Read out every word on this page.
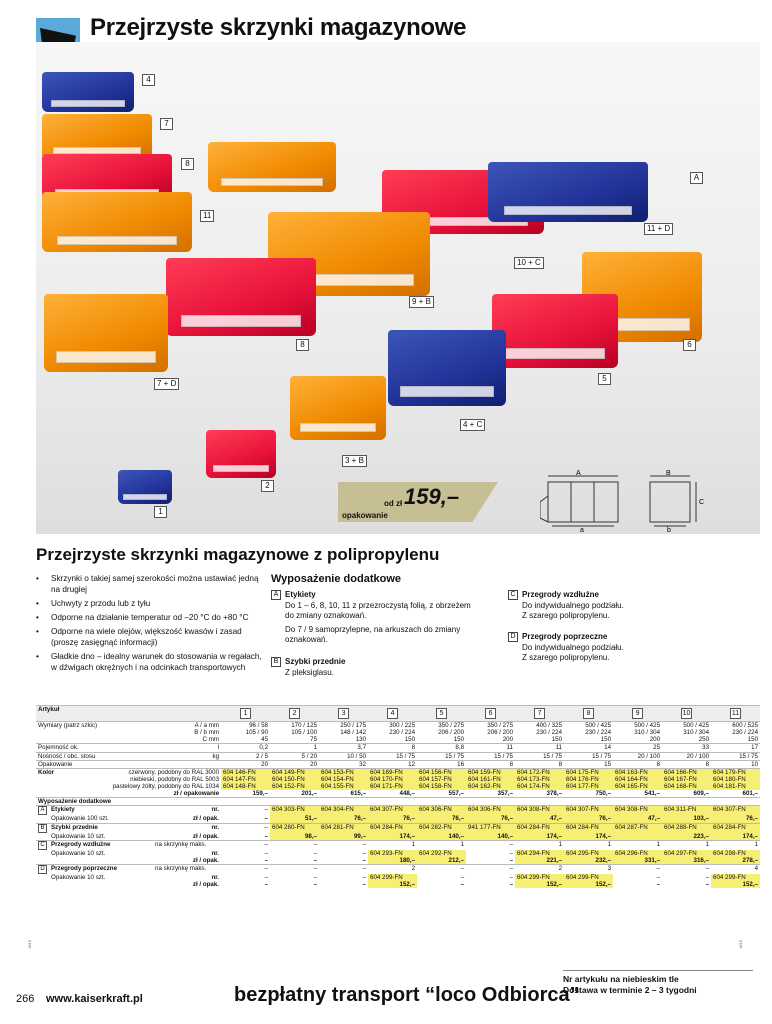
Przejrzyste skrzynki magazynowe
4
7
8
11
A
11 + D
10 + C
9 + B
8	6
7 + D
5
4 + C
3 + B
2
1
od zł 159,–
opakowanie
A	B
C
a	b
Przejrzyste skrzynki magazynowe z polipropylenu
• Skrzynki o takiej samej szerokości można ustawiać jedną na drugiej
• Uchwyty z przodu lub z tyłu
• Odporne na działanie temperatur od –20 °C do +80 °C
• Odporne na wiele olejów, większość kwasów i zasad (proszę zasięgnąć informacji)
• Gładkie dno – idealny warunek do stosowania w regałach, w dźwigach okrężnych i na odcinkach transportowych
Wyposażenie dodatkowe
A Etykiety
Do 1 – 6, 8, 10, 11 z przezroczystą folią, z obrzeżem do zmiany oznakowań.
Do 7 / 9 samoprzylepne, na arkuszach do zmiany oznakowań.
B Szybki przednie
Z pleksiglasu.
C Przegrody wzdłużne
Do indywidualnego podziału.
Z szarego polipropylenu.
D Przegrody poprzeczne
Do indywidualnego podziału.
Z szarego polipropylenu.
Artykuł		1	2	3	4	5	6	7	8	9	10	11
Wymiary (patrz szkic)	A / a mm	96 / 58	170 / 125	250 / 175	300 / 225	350 / 275	350 / 275	400 / 325	500 / 425	500 / 425	500 / 425	600 / 525
	B / b mm	105 / 90	105 / 100	148 / 142	230 / 224	206 / 200	206 / 200	230 / 224	230 / 224	310 / 304	310 / 304	230 / 224
	C mm	45	75	130	150	150	200	150	150	200	250	150
Pojemność ok.	l	0,2	1	3,7	8	8,8	11	11	14	25	33	17
Nośność / obc. stosu	kg	2 / 5	5 / 20	10 / 50	15 / 75	15 / 75	15 / 75	15 / 75	15 / 75	20 / 100	20 / 100	15 / 75
Opakowanie		20	20	32	12	16	8	8	15	8	8	10
Kolor	czerwony, podobny do RAL 3000	604 146-FN	604 149-FN	604 153-FN	604 169-FN	604 156-FN	604 159-FN	604 172-FN	604 175-FN	604 163-FN	604 166-FN	604 179-FN
	niebieski, podobny do RAL 5003	604 147-FN	604 150-FN	604 154-FN	604 170-FN	604 157-FN	604 161-FN	604 173-FN	604 176-FN	604 164-FN	604 167-FN	604 180-FN
	pastelowy żółty, podobny do RAL 1034	604 148-FN	604 152-FN	604 155-FN	604 171-FN	604 158-FN	604 162-FN	604 174-FN	604 177-FN	604 165-FN	604 168-FN	604 181-FN
	zł / opakowanie	159,–	201,–	615,–	448,–	557,–	357,–	378,–	750,–	541,–	609,–	601,–
Wyposażenie dodatkowe												
A Etykiety	nr.	–	604 303-FN	604 304-FN	604 307-FN	604 306-FN	604 306-FN	604 308-FN	604 307-FN	604 308-FN	604 311-FN	604 307-FN
Opakowanie 100 szt.	zł / opak.	–	51,–	76,–	76,–	76,–	76,–	47,–	76,–	47,–	103,–	76,–
B Szybki przednie	nr.	–	604 280-FN	604 281-FN	604 284-FN	604 282-FN	941 177-FN	604 284-FN	604 284-FN	604 287-FN	604 288-FN	604 284-FN
Opakowanie 10 szt.	zł / opak.	–	98,–	99,–	174,–	140,–	140,–	174,–	174,–		223,–	174,–
C Przegrody wzdłużne	na skrzynkę maks.	–	–	–	1	1	–	1	1	1	1	1
Opakowanie 10 szt.	nr.	–	–	–	604 293-FN	604 292-FN	–	604 294-FN	604 295-FN	604 296-FN	604 297-FN	604 298-FN
	zł / opak.	–	–	–	180,–	212,–	–	221,–	232,–	331,–	316,–	278,–
D Przegrody poprzeczne	na skrzynkę maks.	–	–	–	2	–	–	2	3	–	–	4
Opakowanie 10 szt.	nr.	–	–	–	604 299-FN	–	–	604 299-FN	604 299-FN	–	–	604 299-FN
	zł / opak.	–	–	–	152,–	–	–	152,–	152,–	–	–	152,–
1815	1815
266 www.kaiserkraft.pl	bezpłatny transport “loco Odbiorca”
Nr artykułu na niebieskim tle
Dostawa w terminie 2 – 3 tygodni
